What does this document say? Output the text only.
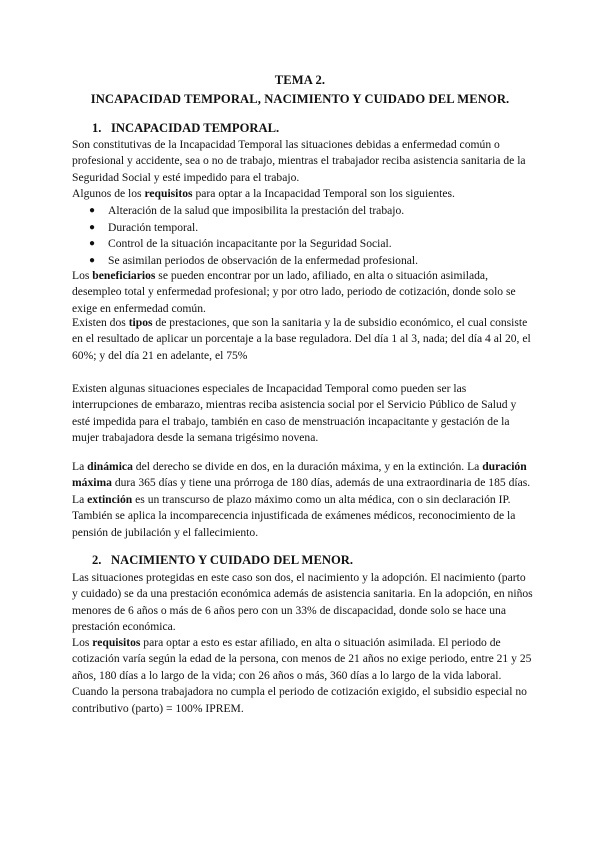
TEMA 2.
INCAPACIDAD TEMPORAL, NACIMIENTO Y CUIDADO DEL MENOR.
1. INCAPACIDAD TEMPORAL.

Son constitutivas de la Incapacidad Temporal las situaciones debidas a enfermedad común o profesional y accidente, sea o no de trabajo, mientras el trabajador reciba asistencia sanitaria de la Seguridad Social y esté impedido para el trabajo.

Algunos de los requisitos para optar a la Incapacidad Temporal son los siguientes.

● Alteración de la salud que imposibilita la prestación del trabajo.
● Duración temporal.
● Control de la situación incapacitante por la Seguridad Social.
● Se asimilan periodos de observación de la enfermedad profesional.

Los beneficiarios se pueden encontrar por un lado, afiliado, en alta o situación asimilada, desempleo total y enfermedad profesional; y por otro lado, periodo de cotización, donde solo se exige en enfermedad común.

Existen dos tipos de prestaciones, que son la sanitaria y la de subsidio económico, el cual consiste en el resultado de aplicar un porcentaje a la base reguladora. Del día 1 al 3, nada; del día 4 al 20, el 60%; y del día 21 en adelante, el 75%

Existen algunas situaciones especiales de Incapacidad Temporal como pueden ser las interrupciones de embarazo, mientras reciba asistencia social por el Servicio Público de Salud y esté impedida para el trabajo, también en caso de menstruación incapacitante y gestación de la mujer trabajadora desde la semana trigésimo novena.

La dinámica del derecho se divide en dos, en la duración máxima, y en la extinción. La duración máxima dura 365 días y tiene una prórroga de 180 días, además de una extraordinaria de 185 días. La extinción es un transcurso de plazo máximo como un alta médica, con o sin declaración IP. También se aplica la incomparecencia injustificada de exámenes médicos, reconocimiento de la pensión de jubilación y el fallecimiento.

2. NACIMIENTO Y CUIDADO DEL MENOR.

Las situaciones protegidas en este caso son dos, el nacimiento y la adopción. El nacimiento (parto y cuidado) se da una prestación económica además de asistencia sanitaria. En la adopción, en niños menores de 6 años o más de 6 años pero con un 33% de discapacidad, donde solo se hace una prestación económica.

Los requisitos para optar a esto es estar afiliado, en alta o situación asimilada. El periodo de cotización varía según la edad de la persona, con menos de 21 años no exige periodo, entre 21 y 25 años, 180 días a lo largo de la vida; con 26 años o más, 360 días a lo largo de la vida laboral. Cuando la persona trabajadora no cumpla el periodo de cotización exigido, el subsidio especial no contributivo (parto) = 100% IPREM.
